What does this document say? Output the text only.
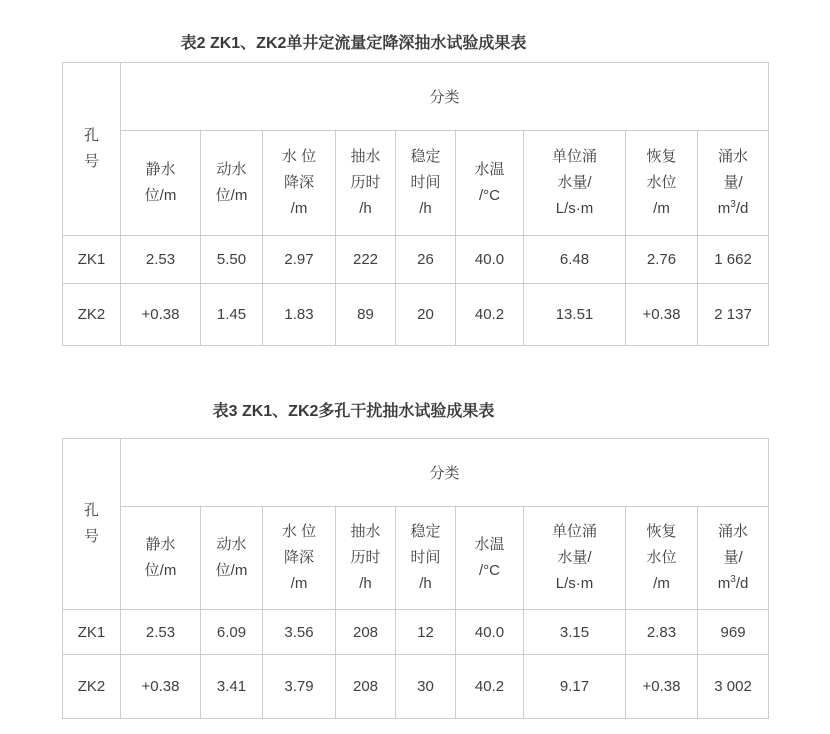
表2 ZK1、ZK2单井定流量定降深抽水试验成果表
孔
号	分类								

静水
位/m

动水
位/m

水 位
降深
/m

抽水
历时
/h

稳定
时间
/h

水温
/°C

单位涌
水量/
L/s·m

恢复
水位
/m

涌水
量/
$m^3/d$

ZK1	2.53	5.50	2.97	222	26	40.0	6.48	2.76	1 662
ZK2	+0.38	1.45	1.83	89	20	40.2	13.51	+0.38	2 137
表3 ZK1、ZK2多孔干扰抽水试验成果表
孔
号	分类								

静水
位/m

动水
位/m

水 位
降深
/m

抽水
历时
/h

稳定
时间
/h

水温
/°C

单位涌
水量/
L/s·m

恢复
水位
/m

涌水
量/
$m^3/d$

ZK1	2.53	6.09	3.56	208	12	40.0	3.15	2.83	969
ZK2	+0.38	3.41	3.79	208	30	40.2	9.17	+0.38	3 002
